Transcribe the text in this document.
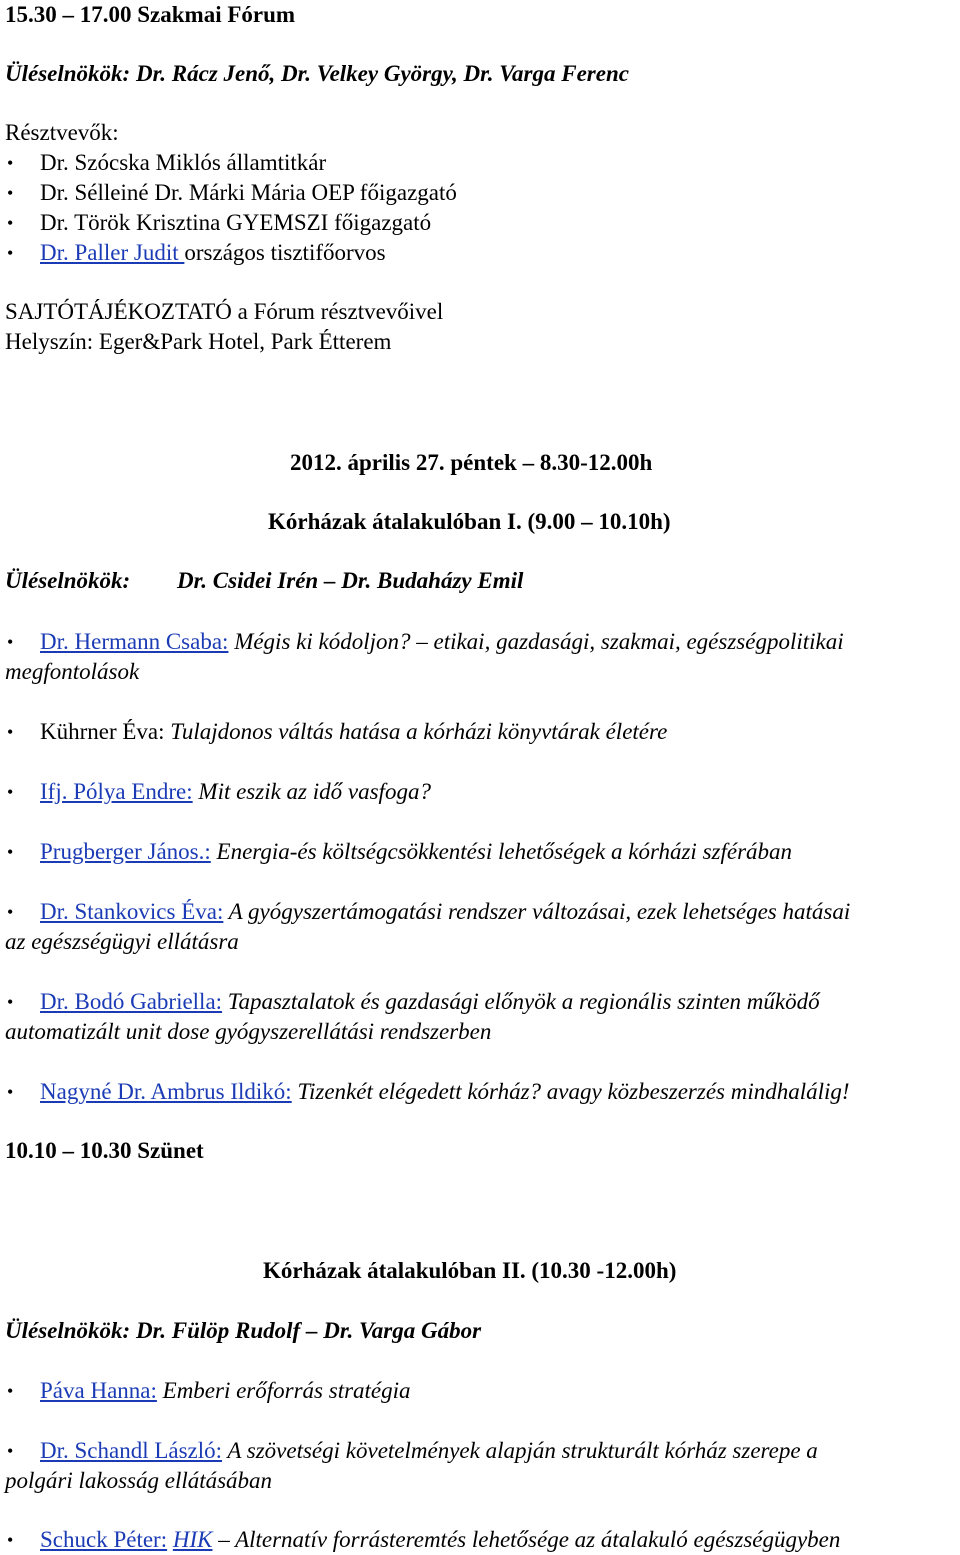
15.30 – 17.00 Szakmai Fórum
Üléselnökök: Dr. Rácz Jenő, Dr. Velkey György, Dr. Varga Ferenc
Résztvevők:
• Dr. Szócska Miklós államtitkár
• Dr. Sélleiné Dr. Márki Mária OEP főigazgató
• Dr. Török Krisztina GYEMSZI főigazgató
• Dr. Paller Judit országos tisztifőorvos
SAJTÓTÁJÉKOZTATÓ a Fórum résztvevőivel
Helyszín: Eger&Park Hotel, Park Étterem
2012. április 27. péntek – 8.30-12.00h
Kórházak átalakulóban I. (9.00 – 10.10h)
Üléselnökök: Dr. Csidei Irén – Dr. Budaházy Emil
• Dr. Hermann Csaba: Mégis ki kódoljon? – etikai, gazdasági, szakmai, egészségpolitikai
megfontolások
• Kührner Éva: Tulajdonos váltás hatása a kórházi könyvtárak életére
• Ifj. Pólya Endre: Mit eszik az idő vasfoga?
• Prugberger János.: Energia-és költségcsökkentési lehetőségek a kórházi szférában
• Dr. Stankovics Éva: A gyógyszertámogatási rendszer változásai, ezek lehetséges hatásai
az egészségügyi ellátásra
• Dr. Bodó Gabriella: Tapasztalatok és gazdasági előnyök a regionális szinten működő
automatizált unit dose gyógyszerellátási rendszerben
• Nagyné Dr. Ambrus Ildikó: Tizenkét elégedett kórház? avagy közbeszerzés mindhalálig!
10.10 – 10.30 Szünet
Kórházak átalakulóban II. (10.30 -12.00h)
Üléselnökök: Dr. Fülöp Rudolf – Dr. Varga Gábor
• Páva Hanna: Emberi erőforrás stratégia
• Dr. Schandl László: A szövetségi követelmények alapján strukturált kórház szerepe a
polgári lakosság ellátásában
• Schuck Péter: HIK – Alternatív forrásteremtés lehetősége az átalakuló egészségügyben
